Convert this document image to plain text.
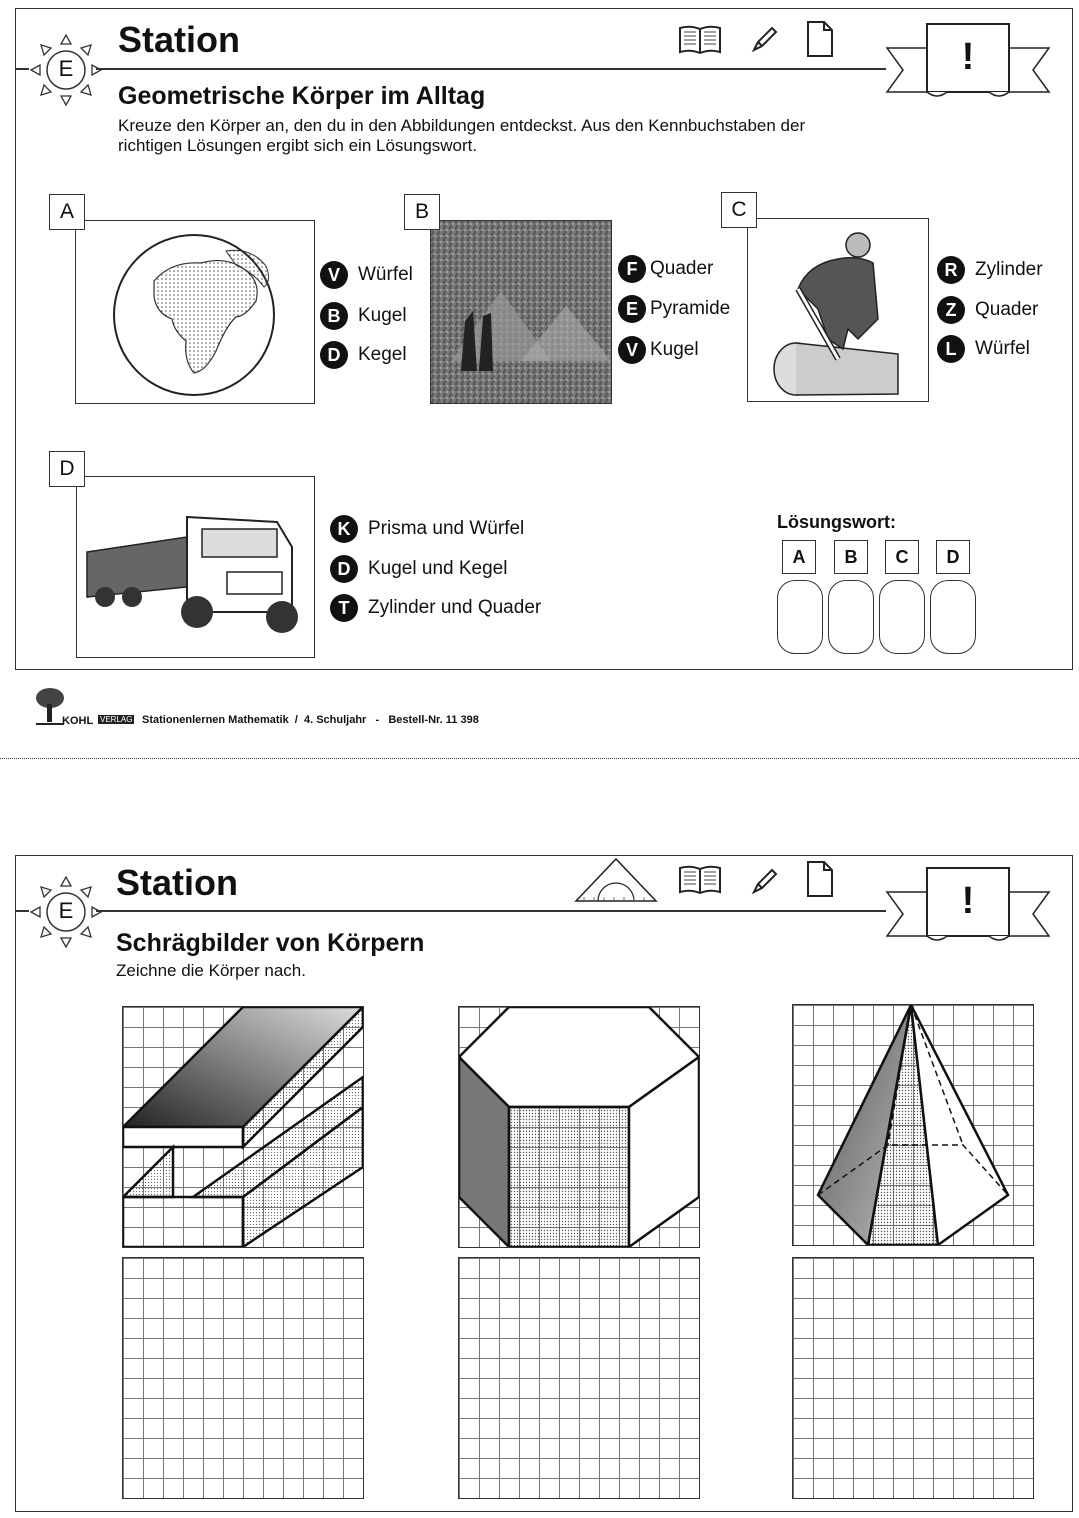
E
Station	!
Geometrische Körper im Alltag
Kreuze den Körper an, den du in den Abbildungen entdeckst. Aus den Kennbuchstaben der
richtigen Lösungen ergibt sich ein Lösungswort.
A
V Würfel
B Kugel
D Kegel
B
F Quader
E Pyramide
V Kugel
C
R Zylinder
Z Quader
L Würfel
D
K Prisma und Würfel
D Kugel und Kegel
T Zylinder und Quader
Lösungswort:
A	B	C	D
KOHL VERLAG Stationenlernen Mathematik  /  4. Schuljahr   -   Bestell-Nr. 11 398
E
Station	!
Schrägbilder von Körpern
Zeichne die Körper nach.
